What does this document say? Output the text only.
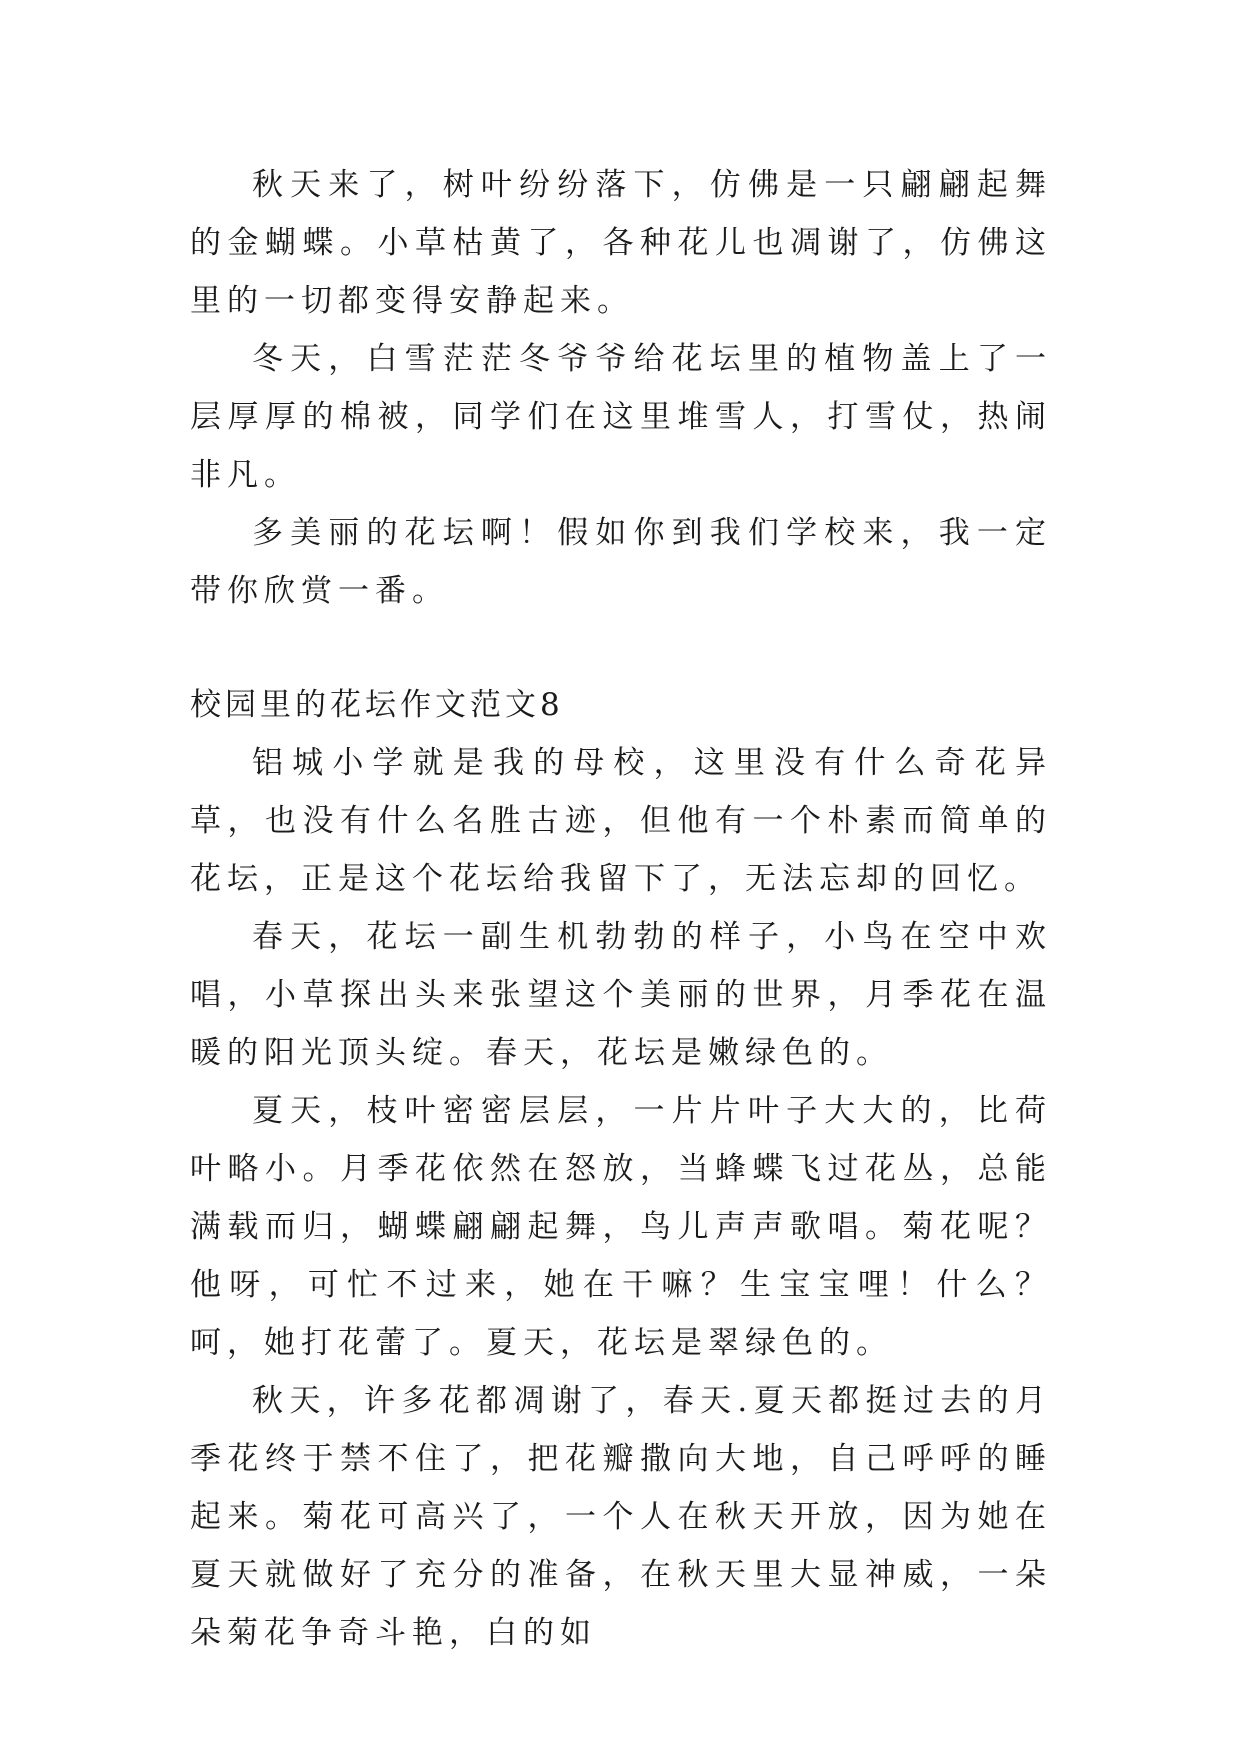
秋天来了，树叶纷纷落下，仿佛是一只翩翩起舞的金蝴蝶。小草枯黄了，各种花儿也凋谢了，仿佛这里的一切都变得安静起来。

冬天，白雪茫茫冬爷爷给花坛里的植物盖上了一层厚厚的棉被，同学们在这里堆雪人，打雪仗，热闹非凡。

多美丽的花坛啊！假如你到我们学校来，我一定带你欣赏一番。

校园里的花坛作文范文8

铝城小学就是我的母校，这里没有什么奇花异草，也没有什么名胜古迹，但他有一个朴素而简单的花坛，正是这个花坛给我留下了，无法忘却的回忆。

春天，花坛一副生机勃勃的样子，小鸟在空中欢唱，小草探出头来张望这个美丽的世界，月季花在温暖的阳光顶头绽。春天，花坛是嫩绿色的。

夏天，枝叶密密层层，一片片叶子大大的，比荷叶略小。月季花依然在怒放，当蜂蝶飞过花丛，总能满载而归，蝴蝶翩翩起舞，鸟儿声声歌唱。菊花呢？他呀，可忙不过来，她在干嘛？生宝宝哩！什么？呵，她打花蕾了。夏天，花坛是翠绿色的。

秋天，许多花都凋谢了，春天.夏天都挺过去的月季花终于禁不住了，把花瓣撒向大地，自己呼呼的睡起来。菊花可高兴了，一个人在秋天开放，因为她在夏天就做好了充分的准备，在秋天里大显神威，一朵朵菊花争奇斗艳，白的如
